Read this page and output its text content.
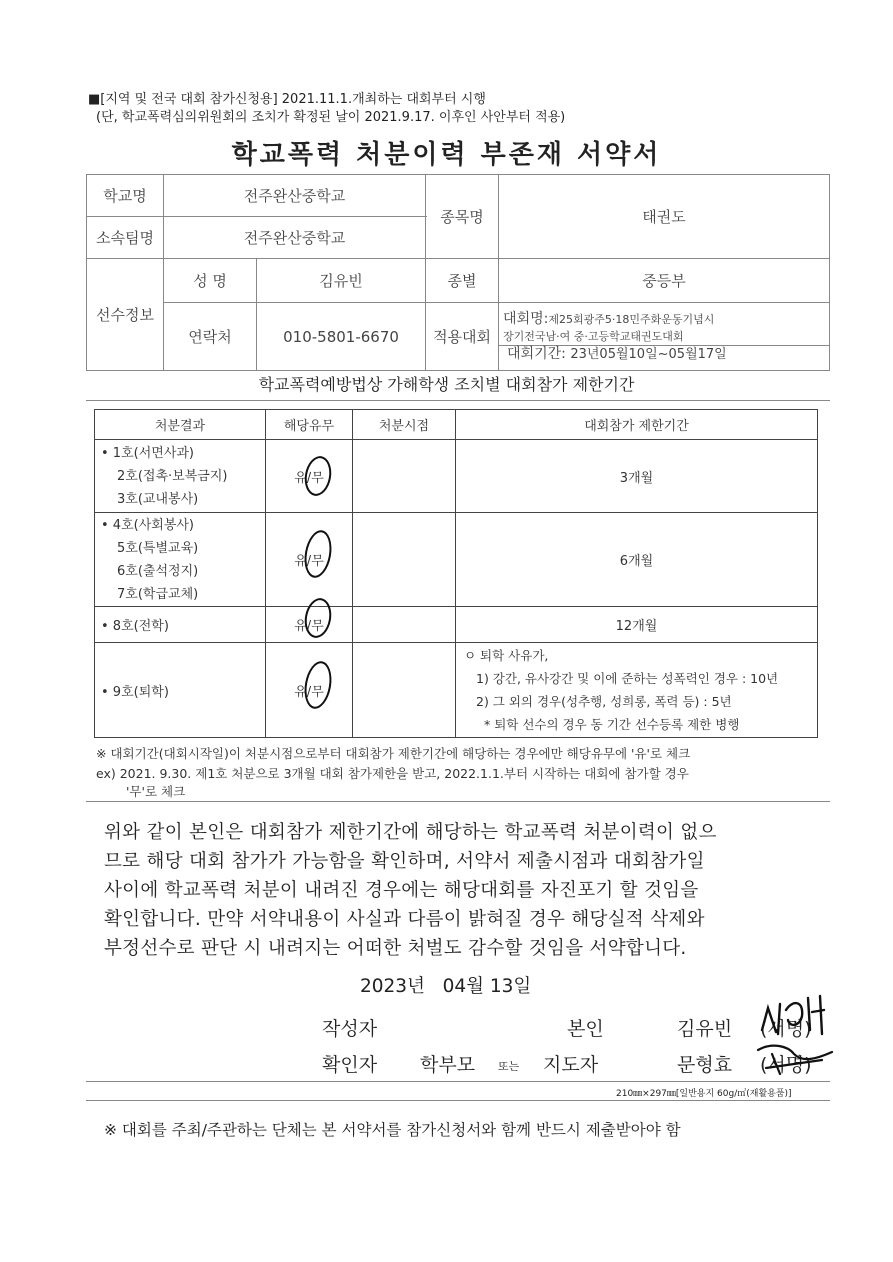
■[지역 및 전국 대회 참가신청용] 2021.11.1.개최하는 대회부터 시행
(단, 학교폭력심의위원회의 조치가 확정된 날이 2021.9.17. 이후인 사안부터 적용)
학교폭력 처분이력 부존재 서약서
학교명	전주완산중학교		종목명	태권도
소속팀명	전주완산중학교			
선수정보	성 명	김유빈	종별	중등부
	연락처	010-5801-6670	적용대회	대회명:제25회광주5·18민주화운동기념시
장기전국남·여 중·고등학교태권도대회
대회기간: 23년05월10일~05월17일
학교폭력예방법상 가해학생 조치별 대회참가 제한기간
처분결과	해당유무	처분시점	대회참가 제한기간

• 1호(서면사과)
2호(접촉·보복금지)
3호(교내봉사)	유/무		3개월

• 4호(사회봉사)
5호(특별교육)
6호(출석정지)
7호(학급교체)	유/무		6개월
• 8호(전학)	유/무		12개월
• 9호(퇴학)	유/무		ㅇ 퇴학 사유가,
1) 강간, 유사강간 및 이에 준하는 성폭력인 경우 : 10년
2) 그 외의 경우(성추행, 성희롱, 폭력 등) : 5년
* 퇴학 선수의 경우 동 기간 선수등록 제한 병행
※ 대회기간(대회시작일)이 처분시점으로부터 대회참가 제한기간에 해당하는 경우에만 해당유무에 '유'로 체크
ex) 2021. 9.30. 제1호 처분으로 3개월 대회 참가제한을 받고, 2022.1.1.부터 시작하는 대회에 참가할 경우
'무'로 체크
위와 같이 본인은 대회참가 제한기간에 해당하는 학교폭력 처분이력이 없으
므로 해당 대회 참가가 가능함을 확인하며, 서약서 제출시점과 대회참가일
사이에 학교폭력 처분이 내려진 경우에는 해당대회를 자진포기 할 것임을
확인합니다. 만약 서약내용이 사실과 다름이 밝혀질 경우 해당실적 삭제와
부정선수로 판단 시 내려지는 어떠한 처벌도 감수할 것임을 서약합니다.
2023년   04월 13일
작성자	본인	김유빈 (서명)
확인자 학부모 또는 지도자	문형효 (서명)
210㎜×297㎜[일반용지 60g/㎡(재활용품)]
※ 대회를 주최/주관하는 단체는 본 서약서를 참가신청서와 함께 반드시 제출받아야 함
